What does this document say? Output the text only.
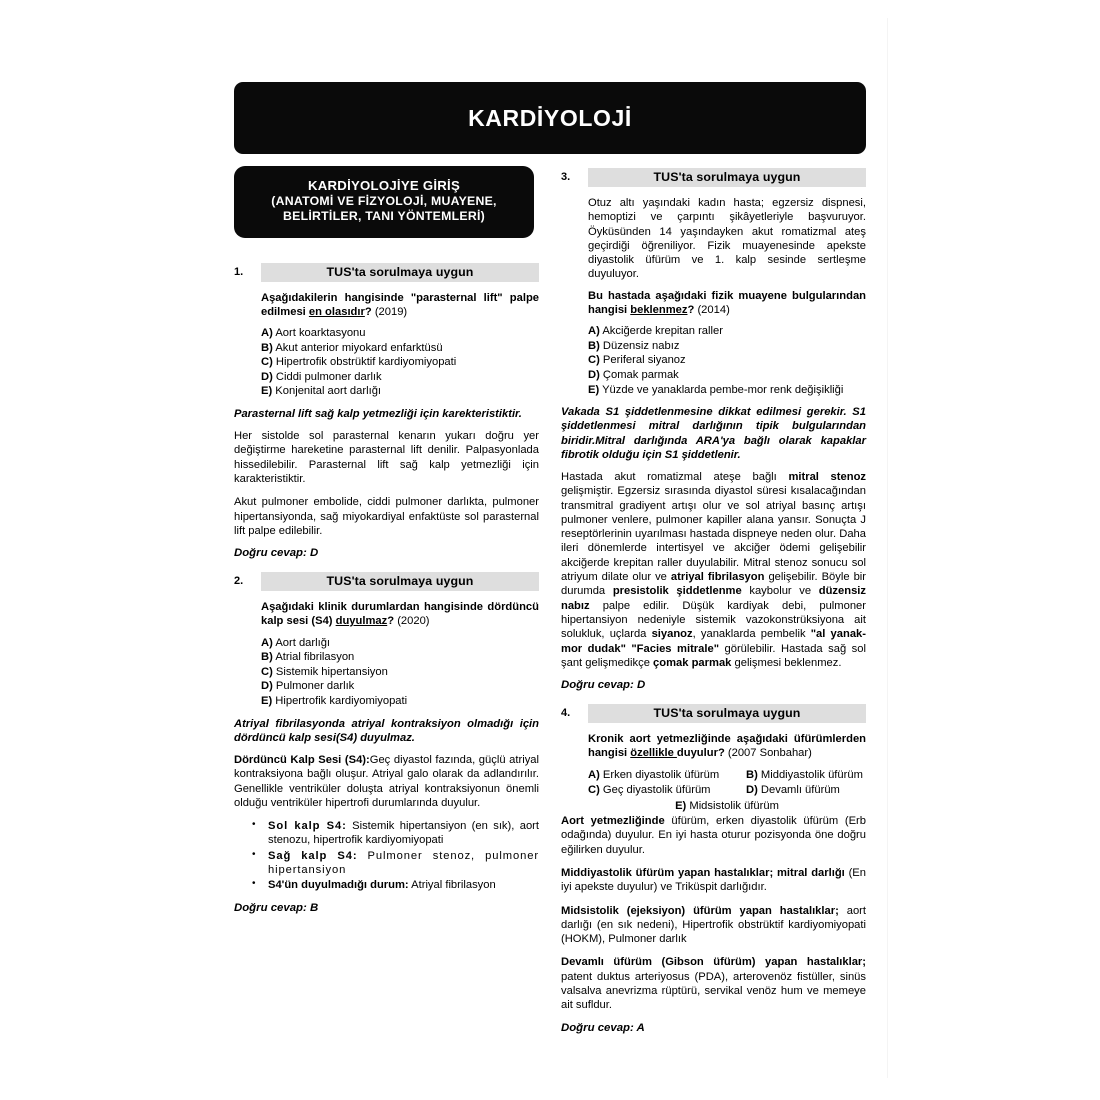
KARDİYOLOJİ
KARDİYOLOJİYE GİRİŞ
(ANATOMİ VE FİZYOLOJİ, MUAYENE,
BELİRTİLER, TANI YÖNTEMLERİ)
1.	TUS'ta sorulmaya uygun
Aşağıdakilerin hangisinde "parasternal lift" palpe edilmesi en olasıdır? (2019)
A) Aort koarktasyonu
B) Akut anterior miyokard enfarktüsü
C) Hipertrofik obstrüktif kardiyomiyopati
D) Ciddi pulmoner darlık
E) Konjenital aort darlığı
Parasternal lift sağ kalp yetmezliği için karekteristiktir.
Her sistolde sol parasternal kenarın yukarı doğru yer değiştirme hareketine parasternal lift denilir. Palpasyonlada hissedilebilir. Parasternal lift sağ kalp yetmezliği için karakteristiktir.
Akut pulmoner embolide, ciddi pulmoner darlıkta, pulmoner hipertansiyonda, sağ miyokardiyal enfaktüste sol parasternal lift palpe edilebilir.
Doğru cevap: D
2.	TUS'ta sorulmaya uygun
Aşağıdaki klinik durumlardan hangisinde dördüncü kalp sesi (S4) duyulmaz? (2020)
A) Aort darlığı
B) Atrial fibrilasyon
C) Sistemik hipertansiyon
D) Pulmoner darlık
E) Hipertrofik kardiyomiyopati
Atriyal fibrilasyonda atriyal kontraksiyon olmadığı için dördüncü kalp sesi(S4) duyulmaz.
Dördüncü Kalp Sesi (S4):Geç diyastol fazında, güçlü atriyal kontraksiyona bağlı oluşur. Atriyal galo olarak da adlandırılır. Genellikle ventriküler doluşta atriyal kontraksiyonun önemli olduğu ventriküler hipertrofi durumlarında duyulur.
• Sol kalp S4: Sistemik hipertansiyon (en sık), aort stenozu, hipertrofik kardiyomiyopati
• Sağ kalp S4: Pulmoner stenoz, pulmoner hipertansiyon
• S4'ün duyulmadığı durum: Atriyal fibrilasyon
Doğru cevap: B
3.	TUS'ta sorulmaya uygun
Otuz altı yaşındaki kadın hasta; egzersiz dispnesi, hemoptizi ve çarpıntı şikâyetleriyle başvuruyor. Öyküsünden 14 yaşındayken akut romatizmal ateş geçirdiği öğreniliyor. Fizik muayenesinde apekste diyastolik üfürüm ve 1. kalp sesinde sertleşme duyuluyor.
Bu hastada aşağıdaki fizik muayene bulgularından hangisi beklenmez? (2014)
A) Akciğerde krepitan raller
B) Düzensiz nabız
C) Periferal siyanoz
D) Çomak parmak
E) Yüzde ve yanaklarda pembe-mor renk değişikliği
Vakada S1 şiddetlenmesine dikkat edilmesi gerekir. S1 şiddetlenmesi mitral darlığının tipik bulgularından biridir.Mitral darlığında ARA'ya bağlı olarak kapaklar fibrotik olduğu için S1 şiddetlenir.
Hastada akut romatizmal ateşe bağlı mitral stenoz gelişmiştir. Egzersiz sırasında diyastol süresi kısalacağından transmitral gradiyent artışı olur ve sol atriyal basınç artışı pulmoner venlere, pulmoner kapiller alana yansır. Sonuçta J reseptörlerinin uyarılması hastada dispneye neden olur. Daha ileri dönemlerde intertisyel ve akciğer ödemi gelişebilir akciğerde krepitan raller duyulabilir. Mitral stenoz sonucu sol atriyum dilate olur ve atriyal fibrilasyon gelişebilir. Böyle bir durumda presistolik şiddetlenme kaybolur ve düzensiz nabız palpe edilir. Düşük kardiyak debi, pulmoner hipertansiyon nedeniyle sistemik vazokonstrüksiyona ait solukluk, uçlarda siyanoz, yanaklarda pembelik "al yanak-mor dudak" "Facies mitrale" görülebilir. Hastada sağ sol şant gelişmedikçe çomak parmak gelişmesi beklenmez.
Doğru cevap: D
4.	TUS'ta sorulmaya uygun
Kronik aort yetmezliğinde aşağıdaki üfürümlerden hangisi özellikle duyulur? (2007 Sonbahar)
A) Erken diyastolik üfürüm B) Middiyastolik üfürüm
C) Geç diyastolik üfürüm	D) Devamlı üfürüm
E) Midsistolik üfürüm
Aort yetmezliğinde üfürüm, erken diyastolik üfürüm (Erb odağında) duyulur. En iyi hasta oturur pozisyonda öne doğru eğilirken duyulur.
Middiyastolik üfürüm yapan hastalıklar; mitral darlığı (En iyi apekste duyulur) ve Triküspit darlığıdır.
Midsistolik (ejeksiyon) üfürüm yapan hastalıklar; aort darlığı (en sık nedeni), Hipertrofik obstrüktif kardiyomiyopati (HOKM), Pulmoner darlık
Devamlı üfürüm (Gibson üfürüm) yapan hastalıklar; patent duktus arteriyosus (PDA), arterovenöz fistüller, sinüs valsalva anevrizma rüptürü, servikal venöz hum ve memeye ait sufldur.
Doğru cevap: A
